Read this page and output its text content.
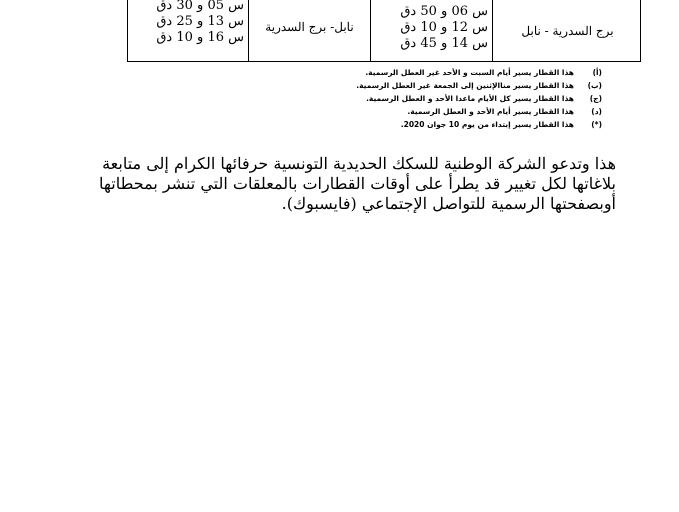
س 05 و 30 دق
س 13 و 25 دق
س 16 و 10 دق
نابل- برج السدرية
س 06 و 50 دق
س 12 و 10 دق
س 14 و 45 دق
برج السدرية - نابل
(أ)
هذا القطار يسير أيام السبت و الأحد غير العطل الرسمية.
(ب)
هذا القطار يسير مناالإثنين إلى الجمعة غير العطل الرسمية.
(ج)
هذا القطار يسير كل الأيام ماعدا الأحد و العطل الرسمية.
(د)
هذا القطار يسير أيام الأحد و العطل الرسمية.
(*)
هذا القطار يسير إبتداء من يوم 10 جوان 2020.
هذا وتدعو الشركة الوطنية للسكك الحديدية التونسية حرفائها الكرام إلى متابعة بلاغاتها لكل تغيير قد يطرأ على أوقات القطارات بالمعلقات التي تنشر بمحطاتها أوبصفحتها الرسمية للتواصل الإجتماعي (فايسبوك).
